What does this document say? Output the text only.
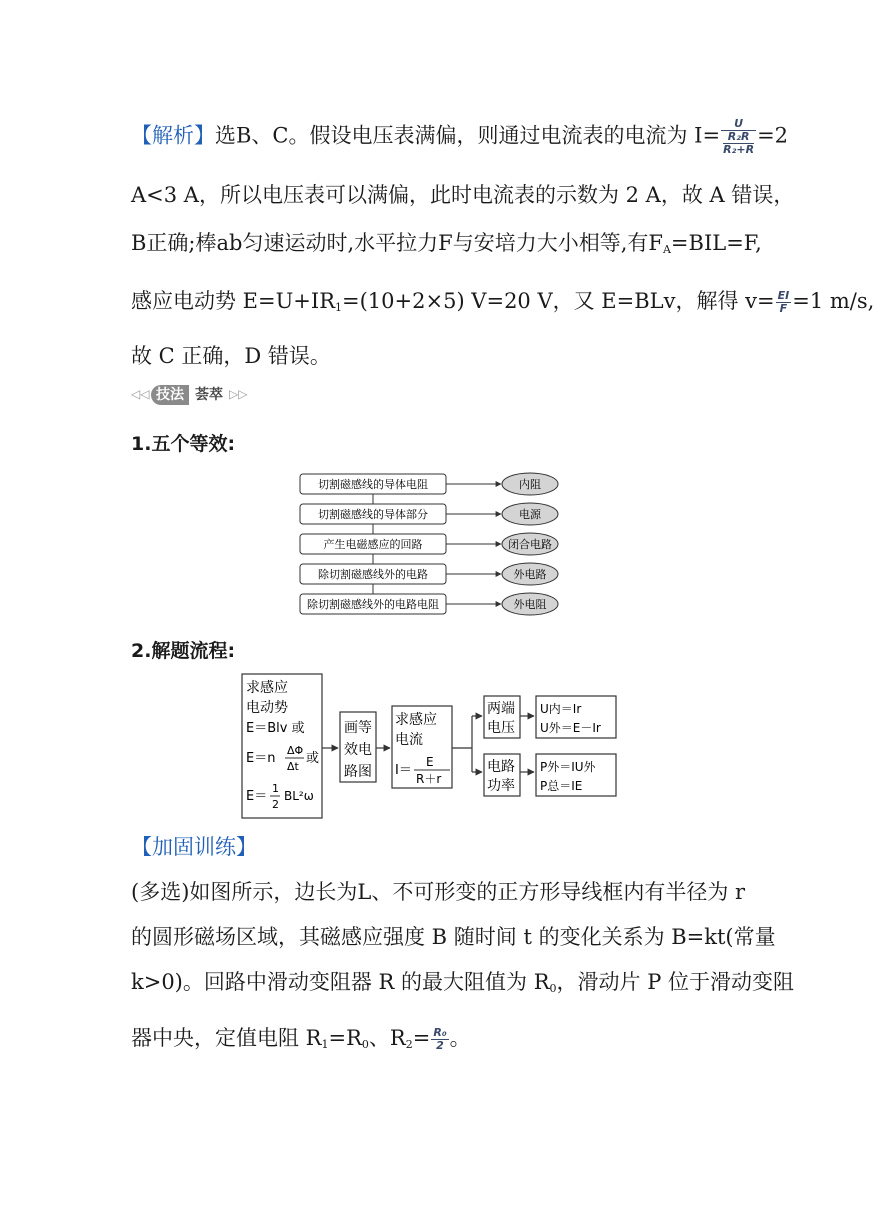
【解析】选B、C。假设电压表满偏，则通过电流表的电流为 I= U
R₂R
R₂+R =2
A<3 A，所以电压表可以满偏，此时电流表的示数为 2 A，故 A 错误，
B正确;棒ab匀速运动时,水平拉力F与安培力大小相等,有$F_A=BIL=F$,
感应电动势 $E=U+IR_1=(10+2\times 5)$ V=20 V，又 E=BLv，解得 $v= \frac{EI}{F} =1$ m/s,
故 C 正确，D 错误。
◁◁ 技法 荟萃 ▷▷
1.五个等效:
切割磁感线的导体电阻	内阻
切割磁感线的导体部分	电源
产生电磁感应的回路	闭合电路
除切割磁感线外的电路	外电路
除切割磁感线外的电路电阻	外电阻
2.解题流程:
求感应
电动势
E＝Blv 或
E＝n
ΔΦ
Δt
或
E＝
1
2
BL²ω
画等
效电
路图
求感应
电流
I＝
E
R＋r
两端
电压
U内＝Ir
U外＝E－Ir
电路
功率
P外＝IU外
P总＝IE
【加固训练】
(多选)如图所示，边长为L、不可形变的正方形导线框内有半径为 r
的圆形磁场区域，其磁感应强度 B 随时间 t 的变化关系为 B=kt(常量
k>0)。回路中滑动变阻器 R 的最大阻值为 $R_0$，滑动片 P 位于滑动变阻
器中央，定值电阻 $R_1=R_0$、$R_2= \frac{\text{R₀}}{2}$ 。
